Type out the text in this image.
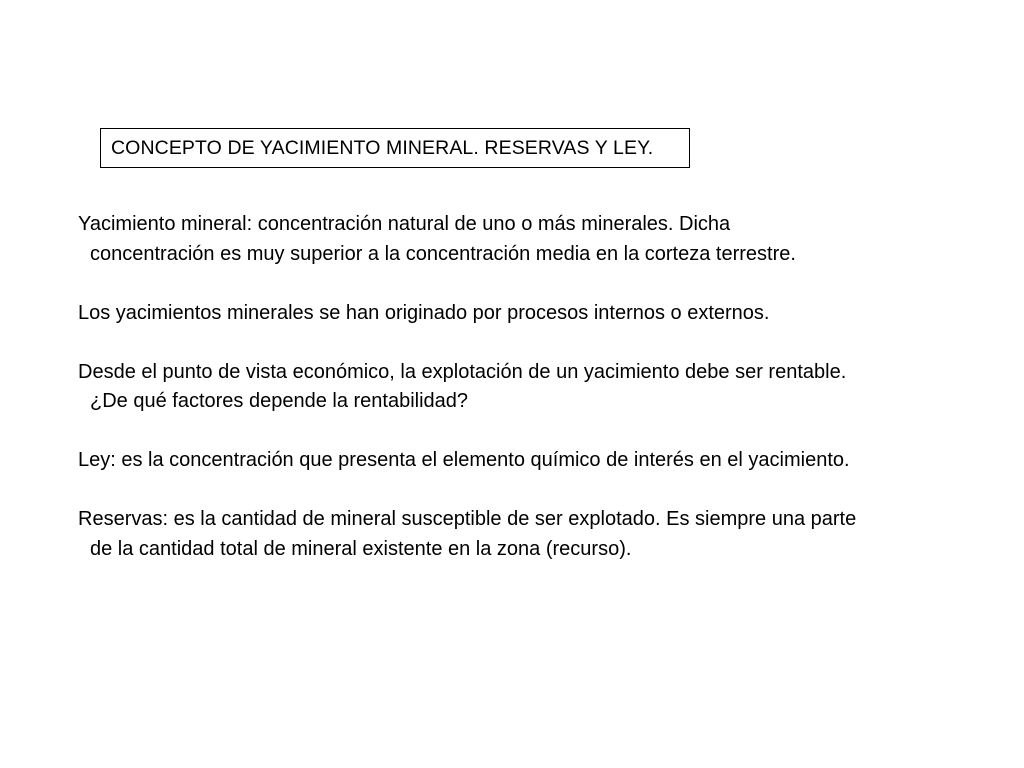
CONCEPTO DE YACIMIENTO MINERAL. RESERVAS Y LEY.
Yacimiento mineral: concentración natural de uno o más minerales. Dicha
concentración es muy superior a la concentración media en la corteza terrestre.
Los yacimientos minerales se han originado por procesos internos o externos.
Desde el punto de vista económico, la explotación de un yacimiento debe ser rentable.
¿De qué factores depende la rentabilidad?
Ley: es la concentración que presenta el elemento químico de interés en el yacimiento.
Reservas: es la cantidad de mineral susceptible de ser explotado. Es siempre una parte
de la cantidad total de mineral existente en la zona (recurso).
